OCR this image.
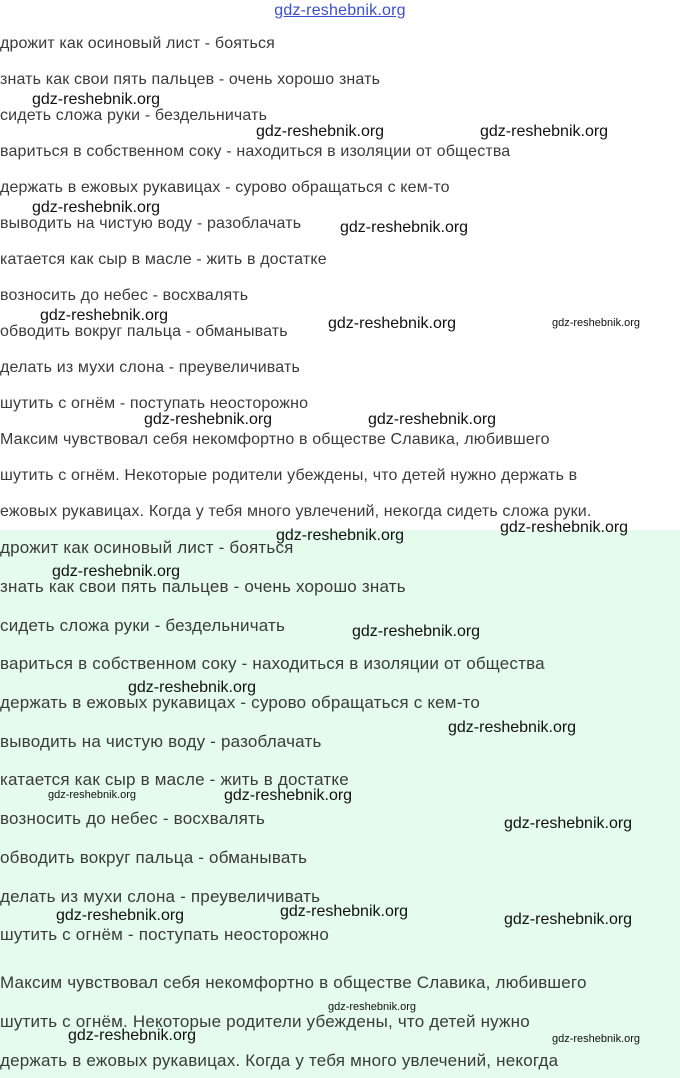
gdz-reshebnik.org
дрожит как осиновый лист - бояться
знать как свои пять пальцев - очень хорошо знать
сидеть сложа руки - бездельничать
вариться в собственном соку - находиться в изоляции от общества
держать в ежовых рукавицах - сурово обращаться с кем-то
выводить на чистую воду - разоблачать
катается как сыр в масле - жить в достатке
возносить до небес - восхвалять
обводить вокруг пальца - обманывать
делать из мухи слона - преувеличивать
шутить с огнём - поступать неосторожно
Максим чувствовал себя некомфортно в обществе Славика, любившего
шутить с огнём. Некоторые родители убеждены, что детей нужно держать в
ежовых рукавицах. Когда у тебя много увлечений, некогда сидеть сложа руки.
дрожит как осиновый лист - бояться
знать как свои пять пальцев - очень хорошо знать
сидеть сложа руки - бездельничать
вариться в собственном соку - находиться в изоляции от общества
держать в ежовых рукавицах - сурово обращаться с кем-то
выводить на чистую воду - разоблачать
катается как сыр в масле - жить в достатке
возносить до небес - восхвалять
обводить вокруг пальца - обманывать
делать из мухи слона - преувеличивать
шутить с огнём - поступать неосторожно
Максим чувствовал себя некомфортно в обществе Славика, любившего
шутить с огнём. Некоторые родители убеждены, что детей нужно
держать в ежовых рукавицах. Когда у тебя много увлечений, некогда
gdz-reshebnik.org
gdz-reshebnik.org	gdz-reshebnik.org
gdz-reshebnik.org
gdz-reshebnik.org
gdz-reshebnik.org	gdz-reshebnik.org	gdz-reshebnik.org
gdz-reshebnik.org	gdz-reshebnik.org
gdz-reshebnik.org	gdz-reshebnik.org
gdz-reshebnik.org
gdz-reshebnik.org
gdz-reshebnik.org
gdz-reshebnik.org
gdz-reshebnik.org	gdz-reshebnik.org
gdz-reshebnik.org
gdz-reshebnik.org	gdz-reshebnik.org	gdz-reshebnik.org
gdz-reshebnik.org
gdz-reshebnik.org	gdz-reshebnik.org
